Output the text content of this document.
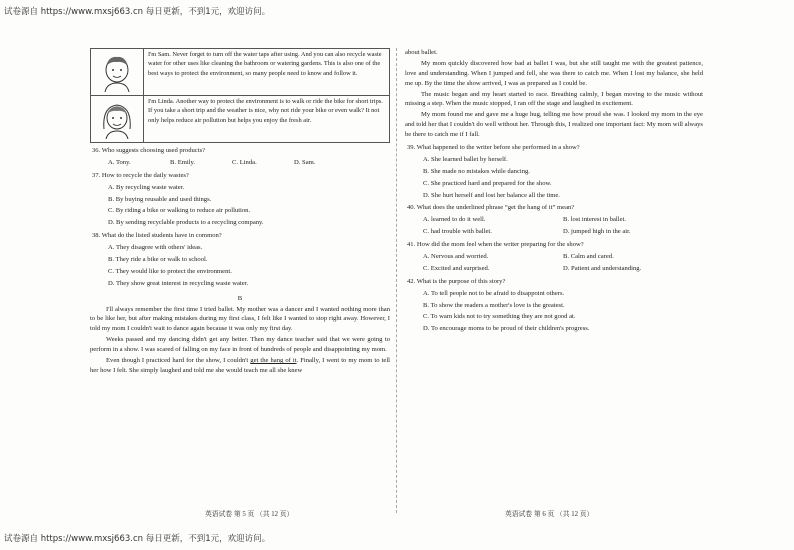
试卷源自 https://www.mxsj663.cn 每日更新，不到1元，欢迎访问。
I'm Sam. Never forget to turn off the water taps after using. And you can also recycle waste water for other uses like cleaning the bathroom or watering gardens. This is also one of the best ways to protect the environment, so many people need to know and follow it.
I'm Linda. Another way to protect the environment is to walk or ride the bike for short trips. If you take a short trip and the weather is nice, why not ride your bike or even walk? It not only helps reduce air pollution but helps you enjoy the fresh air.
36. Who suggests choosing used products?
A. Tony.	B. Emily.	C. Linda.	D. Sam.
37. How to recycle the daily wastes?
A. By recycling waste water.
B. By buying reusable and used things.
C. By riding a bike or walking to reduce air pollution.
D. By sending recyclable products to a recycling company.
38. What do the listed students have in common?
A. They disagree with others' ideas.
B. They ride a bike or walk to school.
C. They would like to protect the environment.
D. They show great interest in recycling waste water.
B
I'll always remember the first time I tried ballet. My mother was a dancer and I wanted nothing more than to be like her, but after making mistakes during my first class, I felt like I wanted to stop right away. However, I told my mom I couldn't wait to dance again because it was only my first day.
Weeks passed and my dancing didn't get any better. Then my dance teacher said that we were going to perform in a show. I was scared of falling on my face in front of hundreds of people and disappointing my mom.
Even though I practiced hard for the show, I couldn't get the hang of it. Finally, I went to my mom to tell her how I felt. She simply laughed and told me she would teach me all she knew
about ballet.
My mom quickly discovered how bad at ballet I was, but she still taught me with the greatest patience, love and understanding. When I jumped and fell, she was there to catch me. When I lost my balance, she held me up. By the time the show arrived, I was as prepared as I could be.
The music began and my heart started to race. Breathing calmly, I began moving to the music without missing a step. When the music stopped, I ran off the stage and laughed in excitement.
My mom found me and gave me a huge hug, telling me how proud she was. I looked my mom in the eye and told her that I couldn't do well without her. Through this, I realized one important fact: My mom will always be there to catch me if I fall.
39. What happened to the writer before she performed in a show?
A. She learned ballet by herself.
B. She made no mistakes while dancing.
C. She practiced hard and prepared for the show.
D. She hurt herself and lost her balance all the time.
40. What does the underlined phrase “get the hang of it” mean?
A. learned to do it well.	B. lost interest in ballet.
C. had trouble with ballet.	D. jumped high in the air.
41. How did the mom feel when the writer preparing for the show?
A. Nervous and worried.	B. Calm and cared.
C. Excited and surprised.	D. Patient and understanding.
42. What is the purpose of this story?
A. To tell people not to be afraid to disappoint others.
B. To show the readers a mother's love is the greatest.
C. To warn kids not to try something they are not good at.
D. To encourage moms to be proud of their children's progress.
英语试卷 第 5 页 （共 12 页）	英语试卷 第 6 页 （共 12 页）
试卷源自 https://www.mxsj663.cn 每日更新，不到1元，欢迎访问。
